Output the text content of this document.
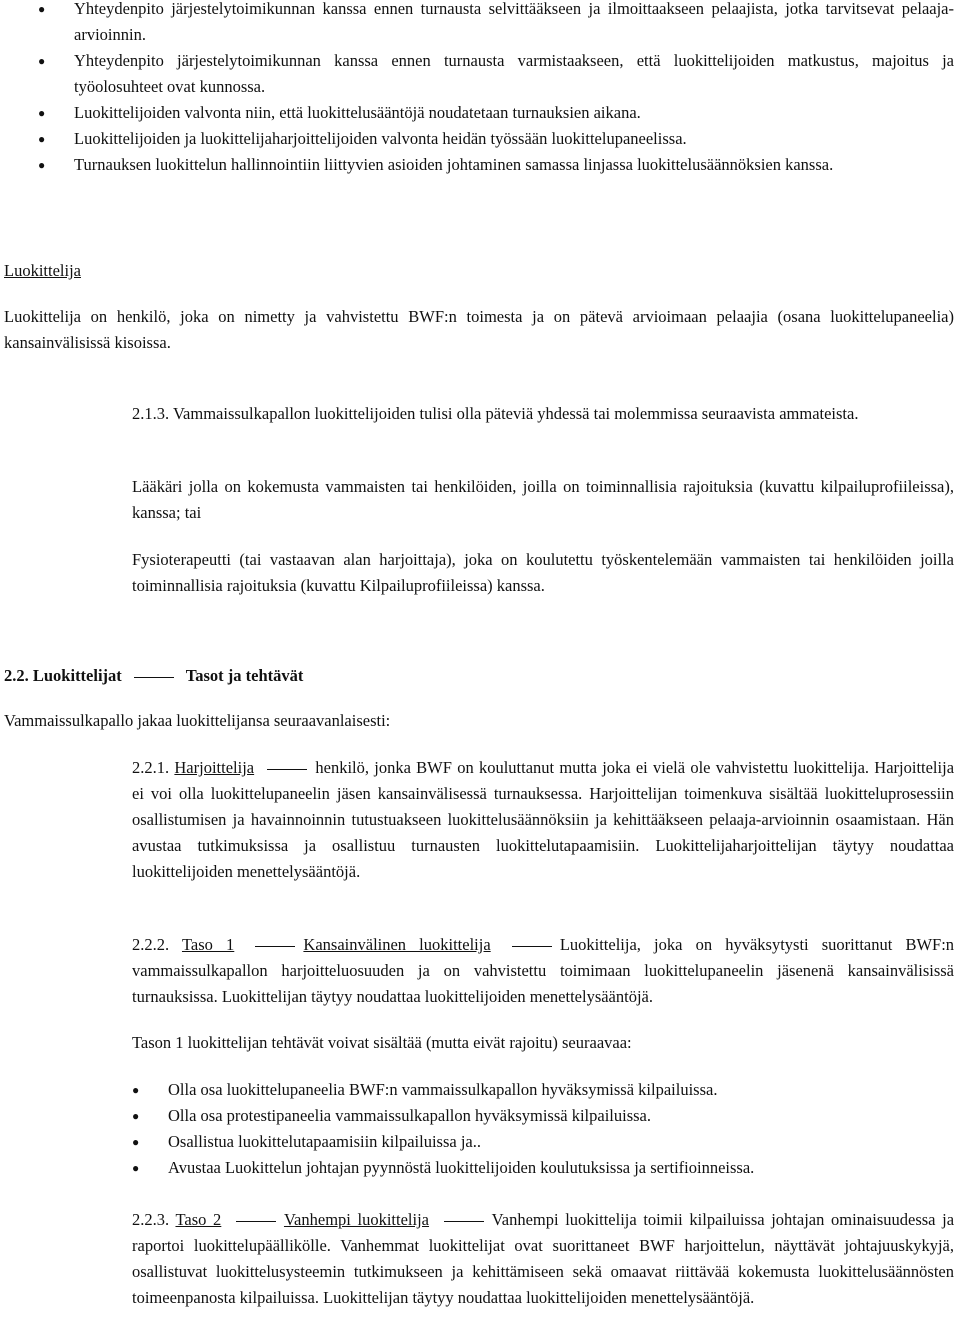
● Yhteydenpito järjestelytoimikunnan kanssa ennen turnausta selvittääkseen ja ilmoittaakseen pelaajista, jotka tarvitsevat pelaaja-arvioinnin.
● Yhteydenpito järjestelytoimikunnan kanssa ennen turnausta varmistaakseen, että luokittelijoiden matkustus, majoitus ja työolosuhteet ovat kunnossa.
● Luokittelijoiden valvonta niin, että luokittelusääntöjä noudatetaan turnauksien aikana.
● Luokittelijoiden ja luokittelijaharjoittelijoiden valvonta heidän työssään luokittelupaneelissa.
● Turnauksen luokittelun hallinnointiin liittyvien asioiden johtaminen samassa linjassa luokittelusäännöksien kanssa.

Luokittelija

Luokittelija on henkilö, joka on nimetty ja vahvistettu BWF:n toimesta ja on pätevä arvioimaan pelaajia (osana luokittelupaneelia) kansainvälisissä kisoissa.

2.1.3. Vammaissulkapallon luokittelijoiden tulisi olla päteviä yhdessä tai molemmissa seuraavista ammateista.

Lääkäri jolla on kokemusta vammaisten tai henkilöiden, joilla on toiminnallisia rajoituksia (kuvattu kilpailuprofiileissa), kanssa; tai

Fysioterapeutti (tai vastaavan alan harjoittaja), joka on koulutettu työskentelemään vammaisten tai henkilöiden joilla toiminnallisia rajoituksia (kuvattu Kilpailuprofiileissa) kanssa.

2.2. Luokittelijat	Tasot ja tehtävät

Vammaissulkapallo jakaa luokittelijansa seuraavanlaisesti:

2.2.1. Harjoittelija	henkilö, jonka BWF on kouluttanut mutta joka ei vielä ole vahvistettu luokittelija. Harjoittelija ei voi olla luokittelupaneelin jäsen kansainvälisessä turnauksessa. Harjoittelijan toimenkuva sisältää luokitteluprosessiin osallistumisen ja havainnoinnin tutustuakseen luokittelusäännöksiin ja kehittääkseen pelaaja-arvioinnin osaamistaan. Hän avustaa tutkimuksissa ja osallistuu turnausten luokittelutapaamisiin. Luokittelijaharjoittelijan täytyy noudattaa luokittelijoiden menettelysääntöjä.

2.2.2. Taso 1	Kansainvälinen luokittelija	Luokittelija, joka on hyväksytysti suorittanut BWF:n vammaissulkapallon harjoitteluosuuden ja on vahvistettu toimimaan luokittelupaneelin jäsenenä kansainvälisissä turnauksissa. Luokittelijan täytyy noudattaa luokittelijoiden menettelysääntöjä.

Tason 1 luokittelijan tehtävät voivat sisältää (mutta eivät rajoitu) seuraavaa:

● Olla osa luokittelupaneelia BWF:n vammaissulkapallon hyväksymissä kilpailuissa.
● Olla osa protestipaneelia vammaissulkapallon hyväksymissä kilpailuissa.
● Osallistua luokittelutapaamisiin kilpailuissa ja..
● Avustaa Luokittelun johtajan pyynnöstä luokittelijoiden koulutuksissa ja sertifioinneissa.

2.2.3. Taso 2	Vanhempi luokittelija	Vanhempi luokittelija toimii kilpailuissa johtajan ominaisuudessa ja raportoi luokittelupäällikölle. Vanhemmat luokittelijat ovat suorittaneet BWF harjoittelun, näyttävät johtajuuskykyjä, osallistuvat luokittelusysteemin tutkimukseen ja kehittämiseen sekä omaavat riittävää kokemusta luokittelusäännösten toimeenpanosta kilpailuissa. Luokittelijan täytyy noudattaa luokittelijoiden menettelysääntöjä.
